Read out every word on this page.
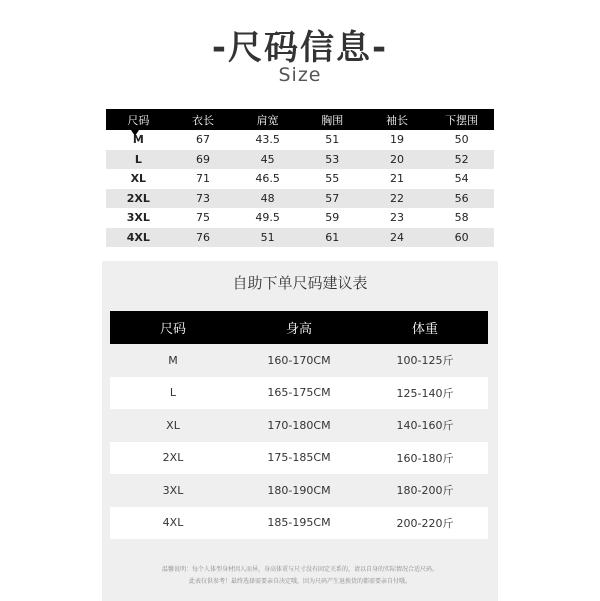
-尺码信息-
Size
尺码	衣长	肩宽	胸围	袖长	下摆围
M	67	43.5	51	19	50
L	69	45	53	20	52
XL	71	46.5	55	21	54
2XL	73	48	57	22	56
3XL	75	49.5	59	23	58
4XL	76	51	61	24	60
自助下单尺码建议表
尺码	身高	体重
M	160-170CM	100-125斤
L	165-175CM	125-140斤
XL	170-180CM	140-160斤
2XL	175-185CM	160-180斤
3XL	180-190CM	180-200斤
4XL	185-195CM	200-220斤
温馨说明：每个人体型身材因人而异，身高体重与尺寸没有固定关系的，请以自身的实际情况合适尺码。
此表仅供参考！最终选择需要亲自决定哦，因为尺码产生退换货的都需要亲自付哦。
